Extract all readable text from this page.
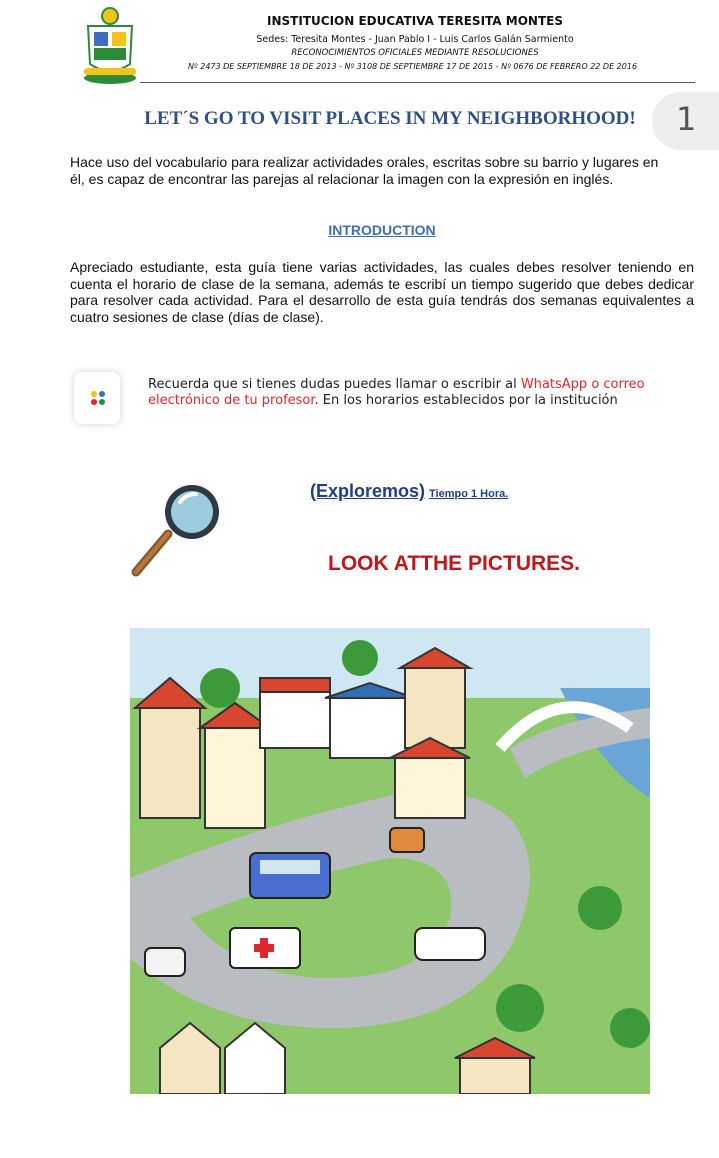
INSTITUCION EDUCATIVA TERESITA MONTES
Sedes: Teresita Montes - Juan Pablo I - Luis Carlos Galán Sarmiento
RECONOCIMIENTOS OFICIALES MEDIANTE RESOLUCIONES
Nº 2473 DE SEPTIEMBRE 18 DE 2013 - Nº 3108 DE SEPTIEMBRE 17 DE 2015 - Nº 0676 DE FEBRERO 22 DE 2016
LET´S GO TO VISIT PLACES IN MY NEIGHBORHOOD!	1
Hace uso del vocabulario para realizar actividades orales, escritas sobre su barrio y lugares en él, es capaz de encontrar las parejas al relacionar la imagen con la expresión en inglés.
INTRODUCTION
Apreciado estudiante, esta guía tiene varias actividades, las cuales debes resolver teniendo en cuenta el horario de clase de la semana, además te escribí un tiempo sugerido que debes dedicar para resolver cada actividad. Para el desarrollo de esta guía tendrás dos semanas equivalentes a cuatro sesiones de clase (días de clase).
Recuerda que si tienes dudas puedes llamar o escribir al WhatsApp o correo electrónico de tu profesor. En los horarios establecidos por la institución
(Exploremos) Tiempo 1 Hora.
LOOK ATTHE PICTURES.
